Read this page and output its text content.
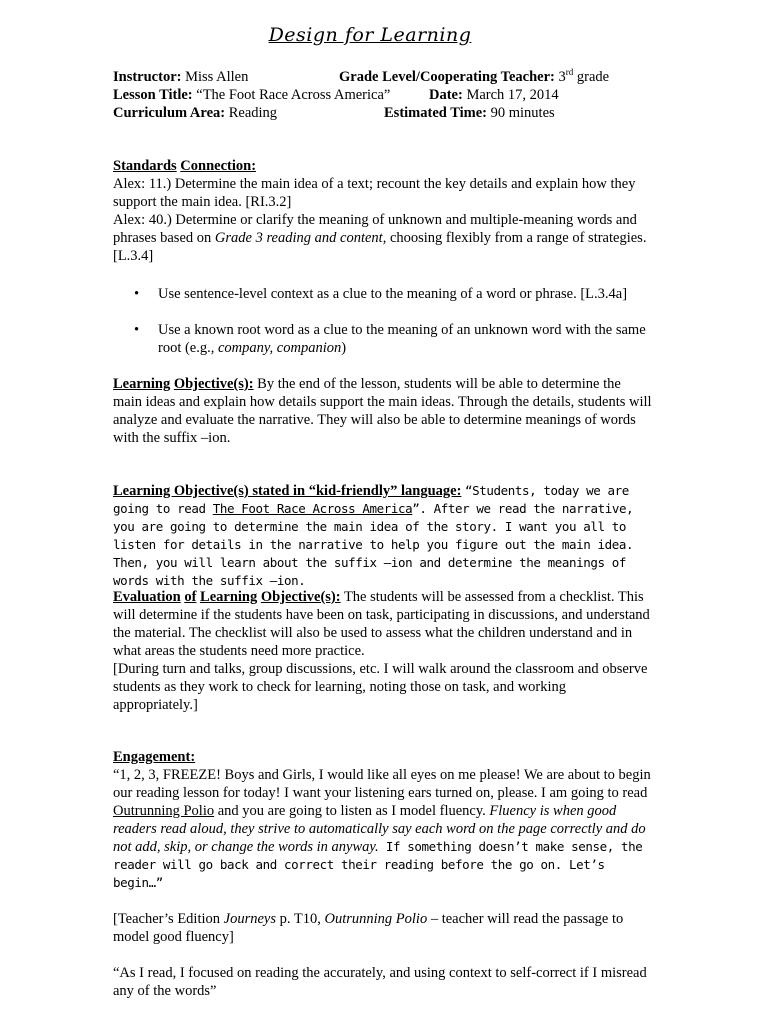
Design for Learning
Instructor: Miss Allen	Grade Level/Cooperating Teacher: 3rd grade
Lesson Title: “The Foot Race Across America”	Date: March 17, 2014
Curriculum Area: Reading	Estimated Time: 90 minutes

Standards Connection:

Alex: 11.) Determine the main idea of a text; recount the key details and explain how they support the main idea. [RI.3.2]

Alex: 40.) Determine or clarify the meaning of unknown and multiple-meaning words and phrases based on Grade 3 reading and content, choosing flexibly from a range of strategies. [L.3.4]

• Use sentence-level context as a clue to the meaning of a word or phrase. [L.3.4a]
• Use a known root word as a clue to the meaning of an unknown word with the same root (e.g., company, companion)

Learning Objective(s): By the end of the lesson, students will be able to determine the main ideas and explain how details support the main ideas. Through the details, students will analyze and evaluate the narrative. They will also be able to determine meanings of words with the suffix –ion.

Learning Objective(s) stated in “kid-friendly” language: “Students, today we are going to read The Foot Race Across America”. After we read the narrative, you are going to determine the main idea of the story. I want you all to listen for details in the narrative to help you figure out the main idea. Then, you will learn about the suffix –ion and determine the meanings of words with the suffix –ion.

Evaluation of Learning Objective(s): The students will be assessed from a checklist. This will determine if the students have been on task, participating in discussions, and understand the material. The checklist will also be used to assess what the children understand and in what areas the students need more practice.

[During turn and talks, group discussions, etc. I will walk around the classroom and observe students as they work to check for learning, noting those on task, and working appropriately.]

Engagement:

“1, 2, 3, FREEZE! Boys and Girls, I would like all eyes on me please! We are about to begin our reading lesson for today! I want your listening ears turned on, please. I am going to read Outrunning Polio and you are going to listen as I model fluency. Fluency is when good readers read aloud, they strive to automatically say each word on the page correctly and do not add, skip, or change the words in anyway. If something doesn’t make sense, the reader will go back and correct their reading before the go on. Let’s begin…”

[Teacher’s Edition Journeys p. T10, Outrunning Polio – teacher will read the passage to model good fluency]

“As I read, I focused on reading the accurately, and using context to self-correct if I misread any of the words”
